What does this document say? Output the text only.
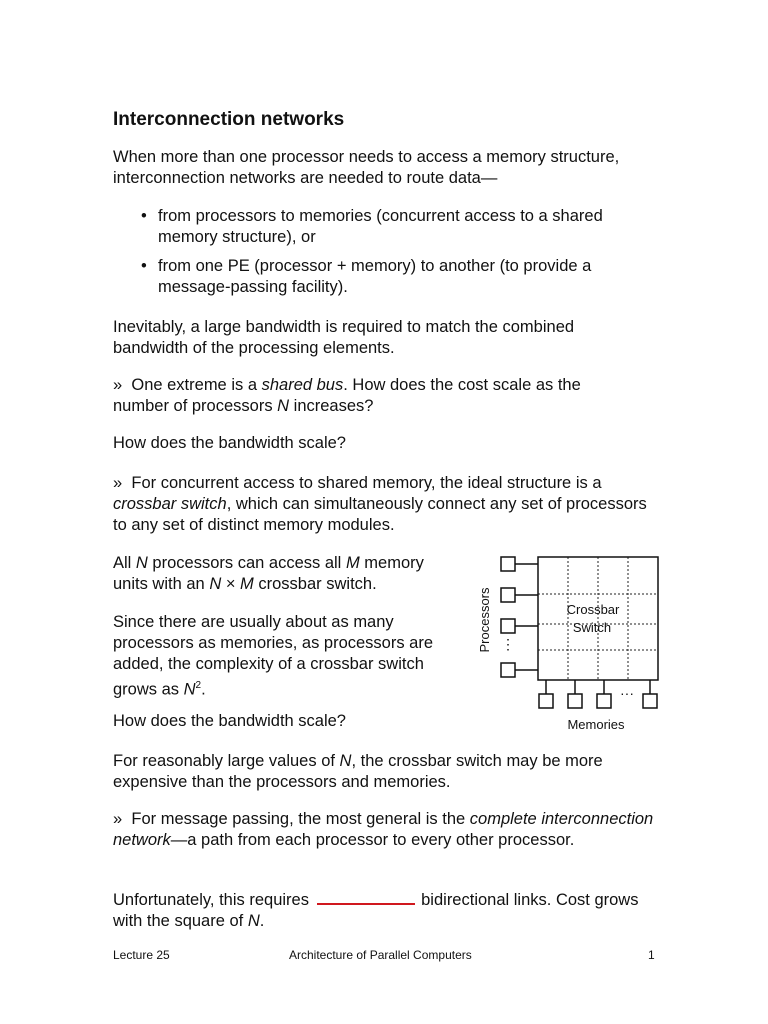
Interconnection networks
When more than one processor needs to access a memory structure, interconnection networks are needed to route data—
• from processors to memories (concurrent access to a shared memory structure), or
• from one PE (processor + memory) to another (to provide a message-passing facility).
Inevitably, a large bandwidth is required to match the combined bandwidth of the processing elements.
» One extreme is a shared bus. How does the cost scale as the number of processors N increases?
How does the bandwidth scale?
» For concurrent access to shared memory, the ideal structure is a crossbar switch, which can simultaneously connect any set of processors to any set of distinct memory modules.
All N processors can access all M memory units with an N × M crossbar switch.
Since there are usually about as many processors as memories, as processors are added, the complexity of a crossbar switch grows as $N^2$.
How does the bandwidth scale?
For reasonably large values of N, the crossbar switch may be more expensive than the processors and memories.
» For message passing, the most general is the complete interconnection network—a path from each processor to every other processor.
Unfortunately, this requires	bidirectional links. Cost grows with the square of N.
Crossbar
Switch
Processors ⋮
···
Memories
Lecture 25	Architecture of Parallel Computers	1
